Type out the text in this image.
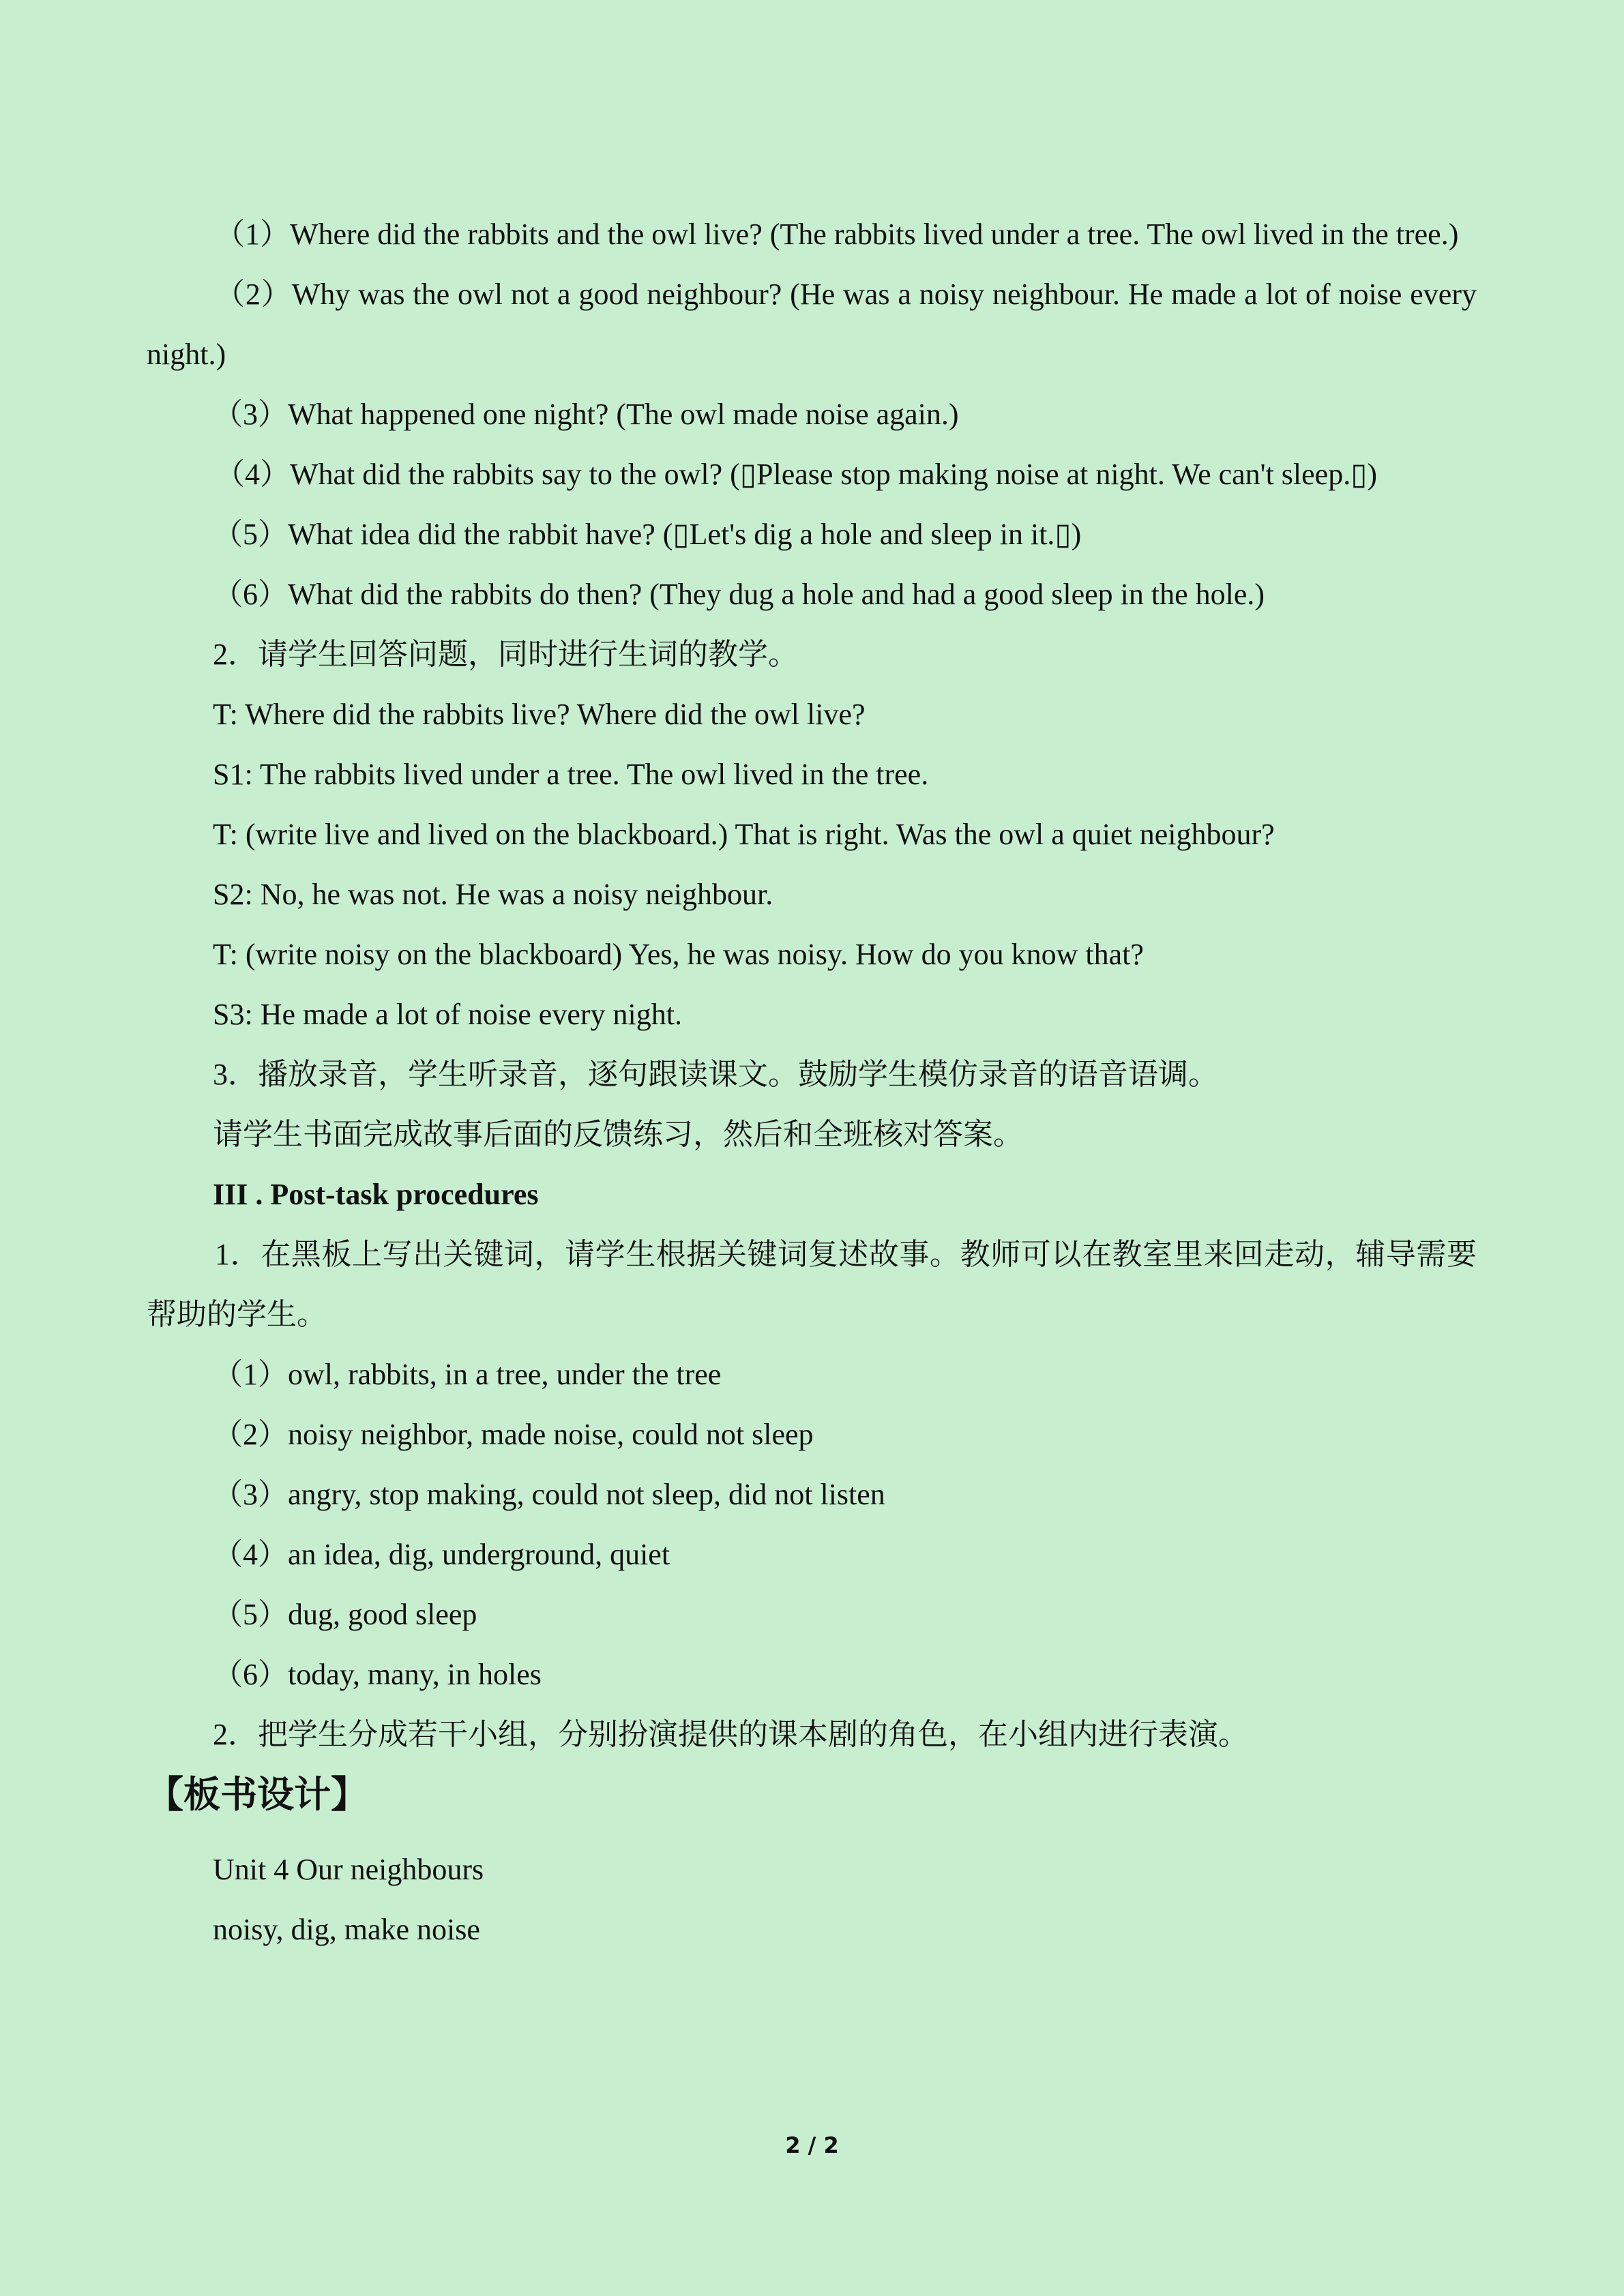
（1）Where did the rabbits and the owl live? (The rabbits lived under a tree. The owl lived in the tree.)
（2）Why was the owl not a good neighbour? (He was a noisy neighbour. He made a lot of noise every night.)
（3）What happened one night? (The owl made noise again.)
（4）What did the rabbits say to the owl? (▯Please stop making noise at night. We can't sleep.▯)
（5）What idea did the rabbit have? (▯Let's dig a hole and sleep in it.▯)
（6）What did the rabbits do then? (They dug a hole and had a good sleep in the hole.)
2．请学生回答问题，同时进行生词的教学。
T: Where did the rabbits live? Where did the owl live?
S1: The rabbits lived under a tree. The owl lived in the tree.
T: (write live and lived on the blackboard.) That is right. Was the owl a quiet neighbour?
S2: No, he was not. He was a noisy neighbour.
T: (write noisy on the blackboard) Yes, he was noisy. How do you know that?
S3: He made a lot of noise every night.
3．播放录音，学生听录音，逐句跟读课文。鼓励学生模仿录音的语音语调。
请学生书面完成故事后面的反馈练习，然后和全班核对答案。
III . Post-task procedures
1．在黑板上写出关键词，请学生根据关键词复述故事。教师可以在教室里来回走动，辅导需要帮助的学生。
（1）owl, rabbits, in a tree, under the tree
（2）noisy neighbor, made noise, could not sleep
（3）angry, stop making, could not sleep, did not listen
（4）an idea, dig, underground, quiet
（5）dug, good sleep
（6）today, many, in holes
2．把学生分成若干小组，分别扮演提供的课本剧的角色，在小组内进行表演。
【板书设计】
Unit 4 Our neighbours
noisy, dig, make noise
2 / 2
